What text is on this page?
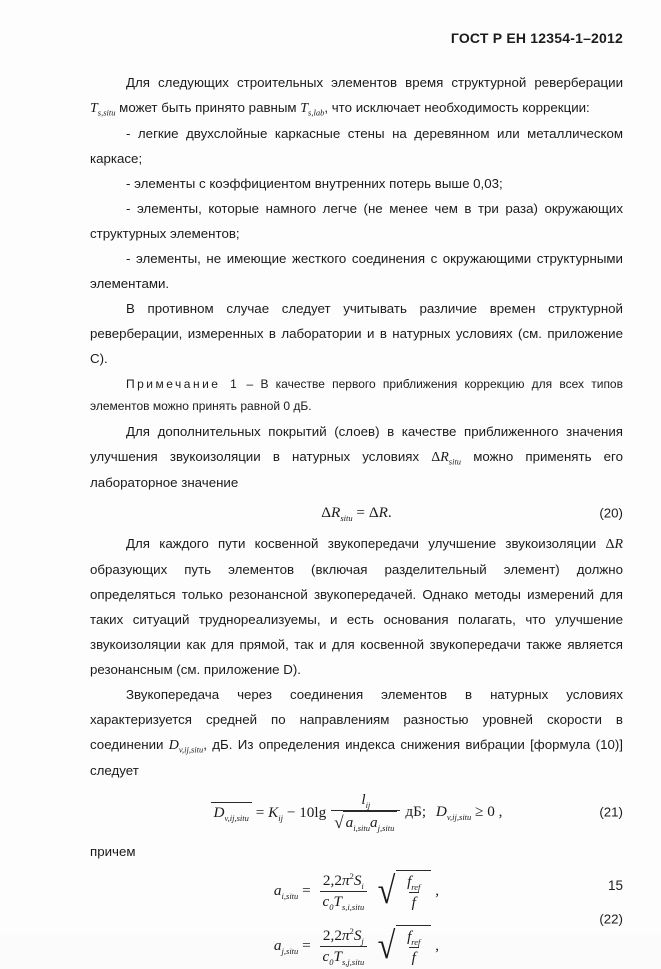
ГОСТ Р ЕН 12354-1–2012

Для следующих строительных элементов время структурной реверберации $T_{s,situ}$ может быть принято равным $T_{s,lab}$, что исключает необходимость коррекции:

- легкие двухслойные каркасные стены на деревянном или металлическом каркасе;

- элементы с коэффициентом внутренних потерь выше 0,03;

- элементы, которые намного легче (не менее чем в три раза) окружающих структурных элементов;

- элементы, не имеющие жесткого соединения с окружающими структурными элементами.

В противном случае следует учитывать различие времен структурной реверберации, измеренных в лаборатории и в натурных условиях (см. приложение C).

Примечание 1 – В качестве первого приближения коррекцию для всех типов элементов можно принять равной 0 дБ.

Для дополнительных покрытий (слоев) в качестве приближенного значения улучшения звукоизоляции в натурных условиях $\Delta R_{situ}$ можно применять его лабораторное значение

$\Delta R_{situ} = \Delta R$.	(20)

Для каждого пути косвенной звукопередачи улучшение звукоизоляции ΔR образующих путь элементов (включая разделительный элемент) должно определяться только резонансной звукопередачей. Однако методы измерений для таких ситуаций труднореализуемы, и есть основания полагать, что улучшение звукоизоляции как для прямой, так и для косвенной звукопередачи также является резонансным (см. приложение D).

Звукопередача через соединения элементов в натурных условиях характеризуется средней по направлениям разностью уровней скорости в соединении $D_{v,ij,situ}$, дБ. Из определения индекса снижения вибрации [формула (10)] следует

$D_{v,ij,situ} = K_{ij} - 10\lg \frac{l_{ij}}{√ a_{i,situ}a_{j,situ}}$ дБ; $D_{v,ij,situ} \ge 0$ ,	(21)

причем

$a_{i,situ} = \frac{2,2\pi^2S_i}{c_0T_{s,i,situ}}$ √ $\frac{f_{ref}}{f}$ ,
$a_{j,situ} = \frac{2,2\pi^2S_j}{c_0T_{s,j,situ}}$ √ $\frac{f_{ref}}{f}$ ,
(22)
15
